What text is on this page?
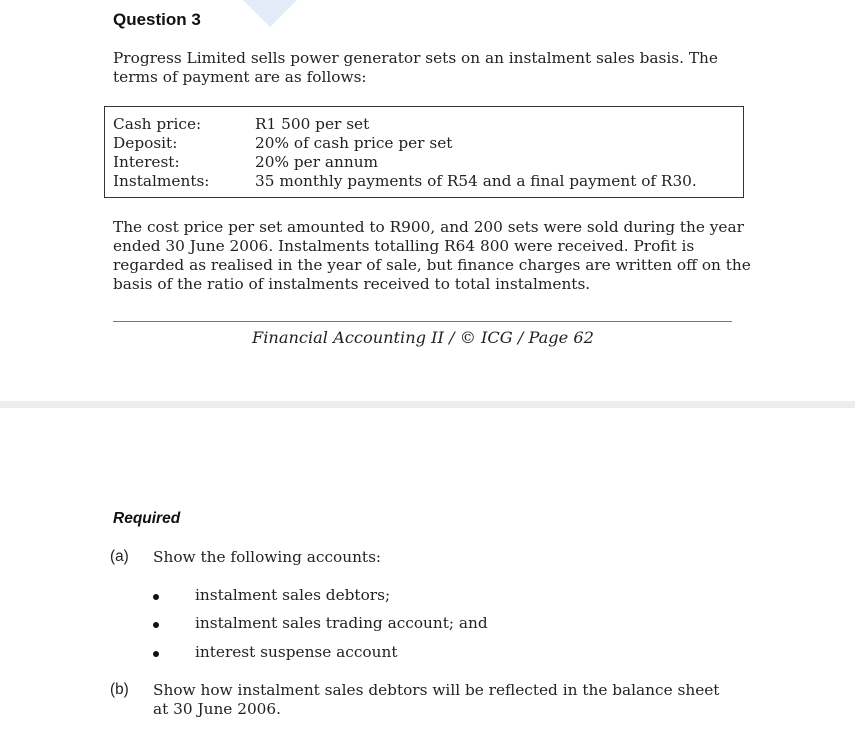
Question 3
Progress Limited sells power generator sets on an instalment sales basis. The terms of payment are as follows:
Cash price:	R1 500 per set
Deposit:	20% of cash price per set
Interest:	20% per annum
Instalments:	35 monthly payments of R54 and a final payment of R30.
The cost price per set amounted to R900, and 200 sets were sold during the year ended 30 June 2006. Instalments totalling R64 800 were received. Profit is regarded as realised in the year of sale, but finance charges are written off on the basis of the ratio of instalments received to total instalments.
Financial Accounting II / © ICG / Page 62
Required
(a) Show the following accounts:
instalment sales debtors;
instalment sales trading account; and
interest suspense account
(b) Show how instalment sales debtors will be reflected in the balance sheet at 30 June 2006.
